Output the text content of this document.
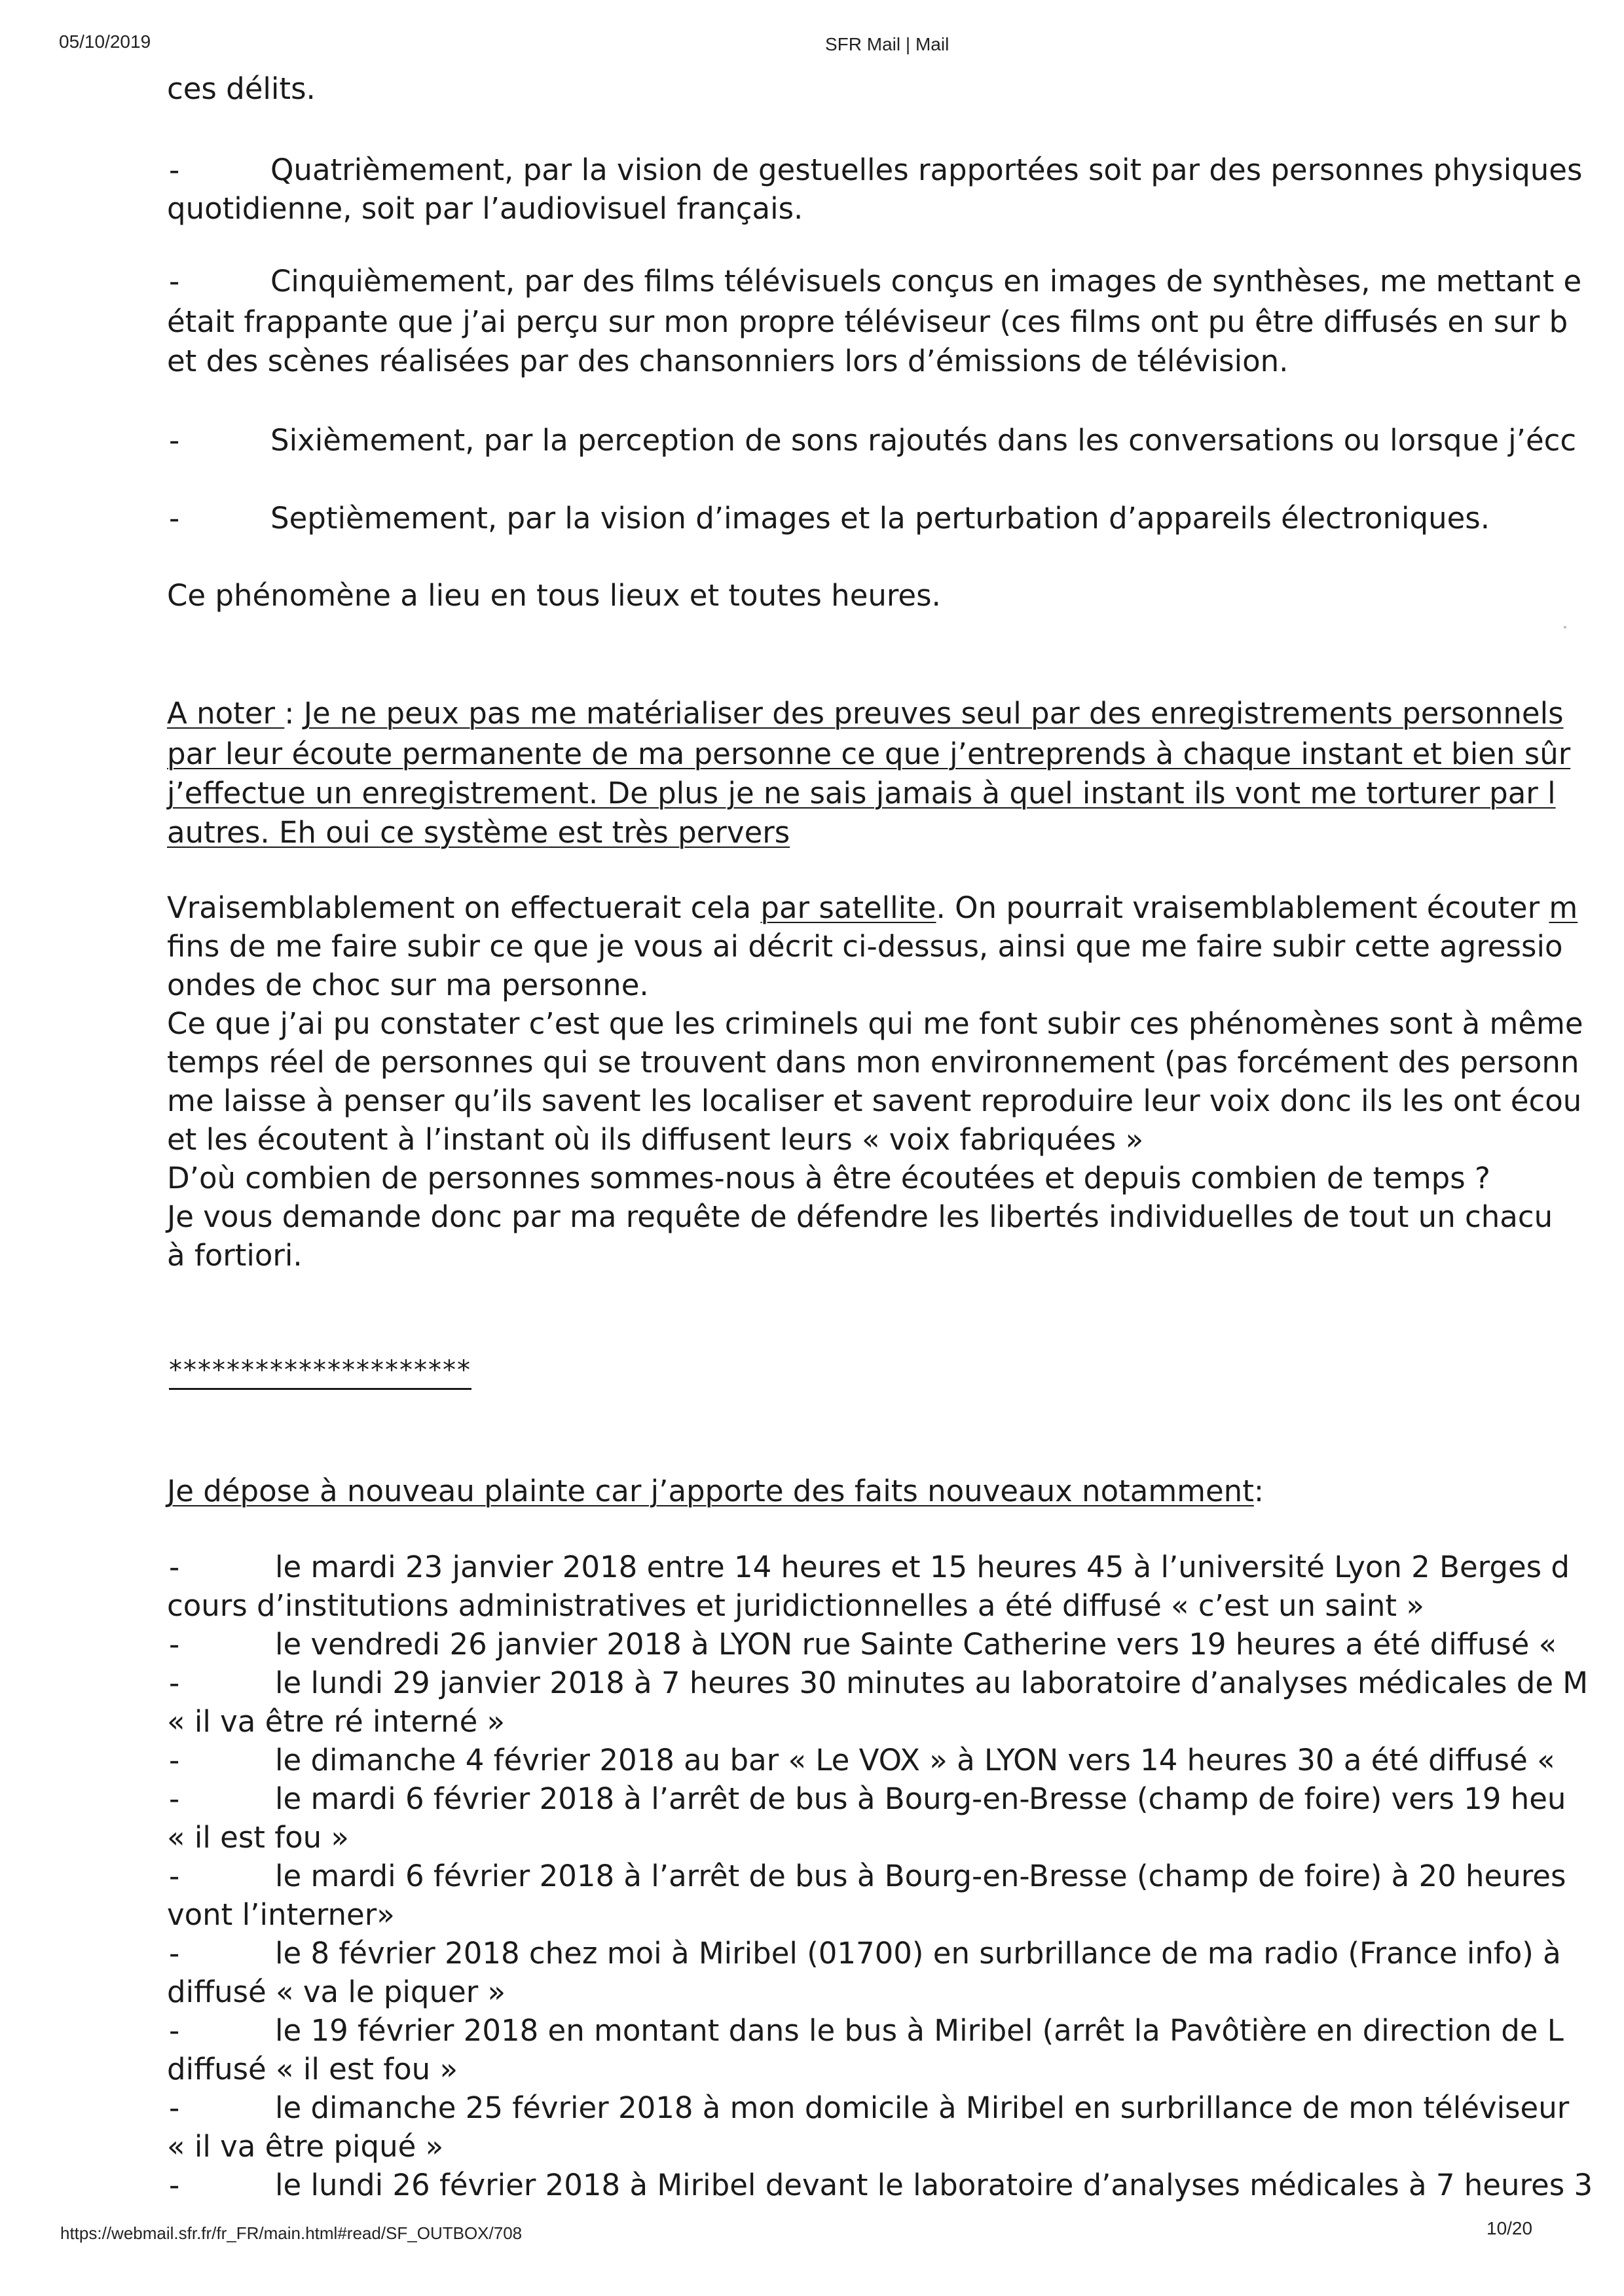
05/10/2019	SFR Mail | Mail
ces délits.
-	Quatrièmement, par la vision de gestuelles rapportées soit par des personnes physiques
quotidienne, soit par l’audiovisuel français.
-	Cinquièmement, par des films télévisuels conçus en images de synthèses, me mettant e
était frappante que j’ai perçu sur mon propre téléviseur (ces films ont pu être diffusés en sur b
et des scènes réalisées par des chansonniers lors d’émissions de télévision.
-	Sixièmement, par la perception de sons rajoutés dans les conversations ou lorsque j’écc
-	Septièmement, par la vision d’images et la perturbation d’appareils électroniques.
Ce phénomène a lieu en tous lieux et toutes heures.
A noter : Je ne peux pas me matérialiser des preuves seul par des enregistrements personnels
par leur écoute permanente de ma personne ce que j’entreprends à chaque instant et bien sûr
j’effectue un enregistrement. De plus je ne sais jamais à quel instant ils vont me torturer par l
autres. Eh oui ce système est très pervers
Vraisemblablement on effectuerait cela par satellite. On pourrait vraisemblablement écouter m
fins de me faire subir ce que je vous ai décrit ci-dessus, ainsi que me faire subir cette agressio
ondes de choc sur ma personne.
Ce que j’ai pu constater c’est que les criminels qui me font subir ces phénomènes sont à même
temps réel de personnes qui se trouvent dans mon environnement (pas forcément des personn
me laisse à penser qu’ils savent les localiser et savent reproduire leur voix donc ils les ont écou
et les écoutent à l’instant où ils diffusent leurs « voix fabriquées »
D’où combien de personnes sommes-nous à être écoutées et depuis combien de temps ?
Je vous demande donc par ma requête de défendre les libertés individuelles de tout un chacu
à fortiori.
*********************
Je dépose à nouveau plainte car j’apporte des faits nouveaux notamment:
-	le mardi 23 janvier 2018 entre 14 heures et 15 heures 45 à l’université Lyon 2 Berges d
cours d’institutions administratives et juridictionnelles a été diffusé « c’est un saint »
-	le vendredi 26 janvier 2018 à LYON rue Sainte Catherine vers 19 heures a été diffusé «
-	le lundi 29 janvier 2018 à 7 heures 30 minutes au laboratoire d’analyses médicales de M
« il va être ré interné »
-	le dimanche 4 février 2018 au bar « Le VOX » à LYON vers 14 heures 30 a été diffusé «
-	le mardi 6 février 2018 à l’arrêt de bus à Bourg-en-Bresse (champ de foire) vers 19 heu
« il est fou »
-	le mardi 6 février 2018 à l’arrêt de bus à Bourg-en-Bresse (champ de foire) à 20 heures
vont l’interner»
-	le 8 février 2018 chez moi à Miribel (01700) en surbrillance de ma radio (France info) à
diffusé « va le piquer »
-	le 19 février 2018 en montant dans le bus à Miribel (arrêt la Pavôtière en direction de L
diffusé « il est fou »
-	le dimanche 25 février 2018 à mon domicile à Miribel en surbrillance de mon téléviseur
« il va être piqué »
-	le lundi 26 février 2018 à Miribel devant le laboratoire d’analyses médicales à 7 heures 3
https://webmail.sfr.fr/fr_FR/main.html#read/SF_OUTBOX/708	10/20
